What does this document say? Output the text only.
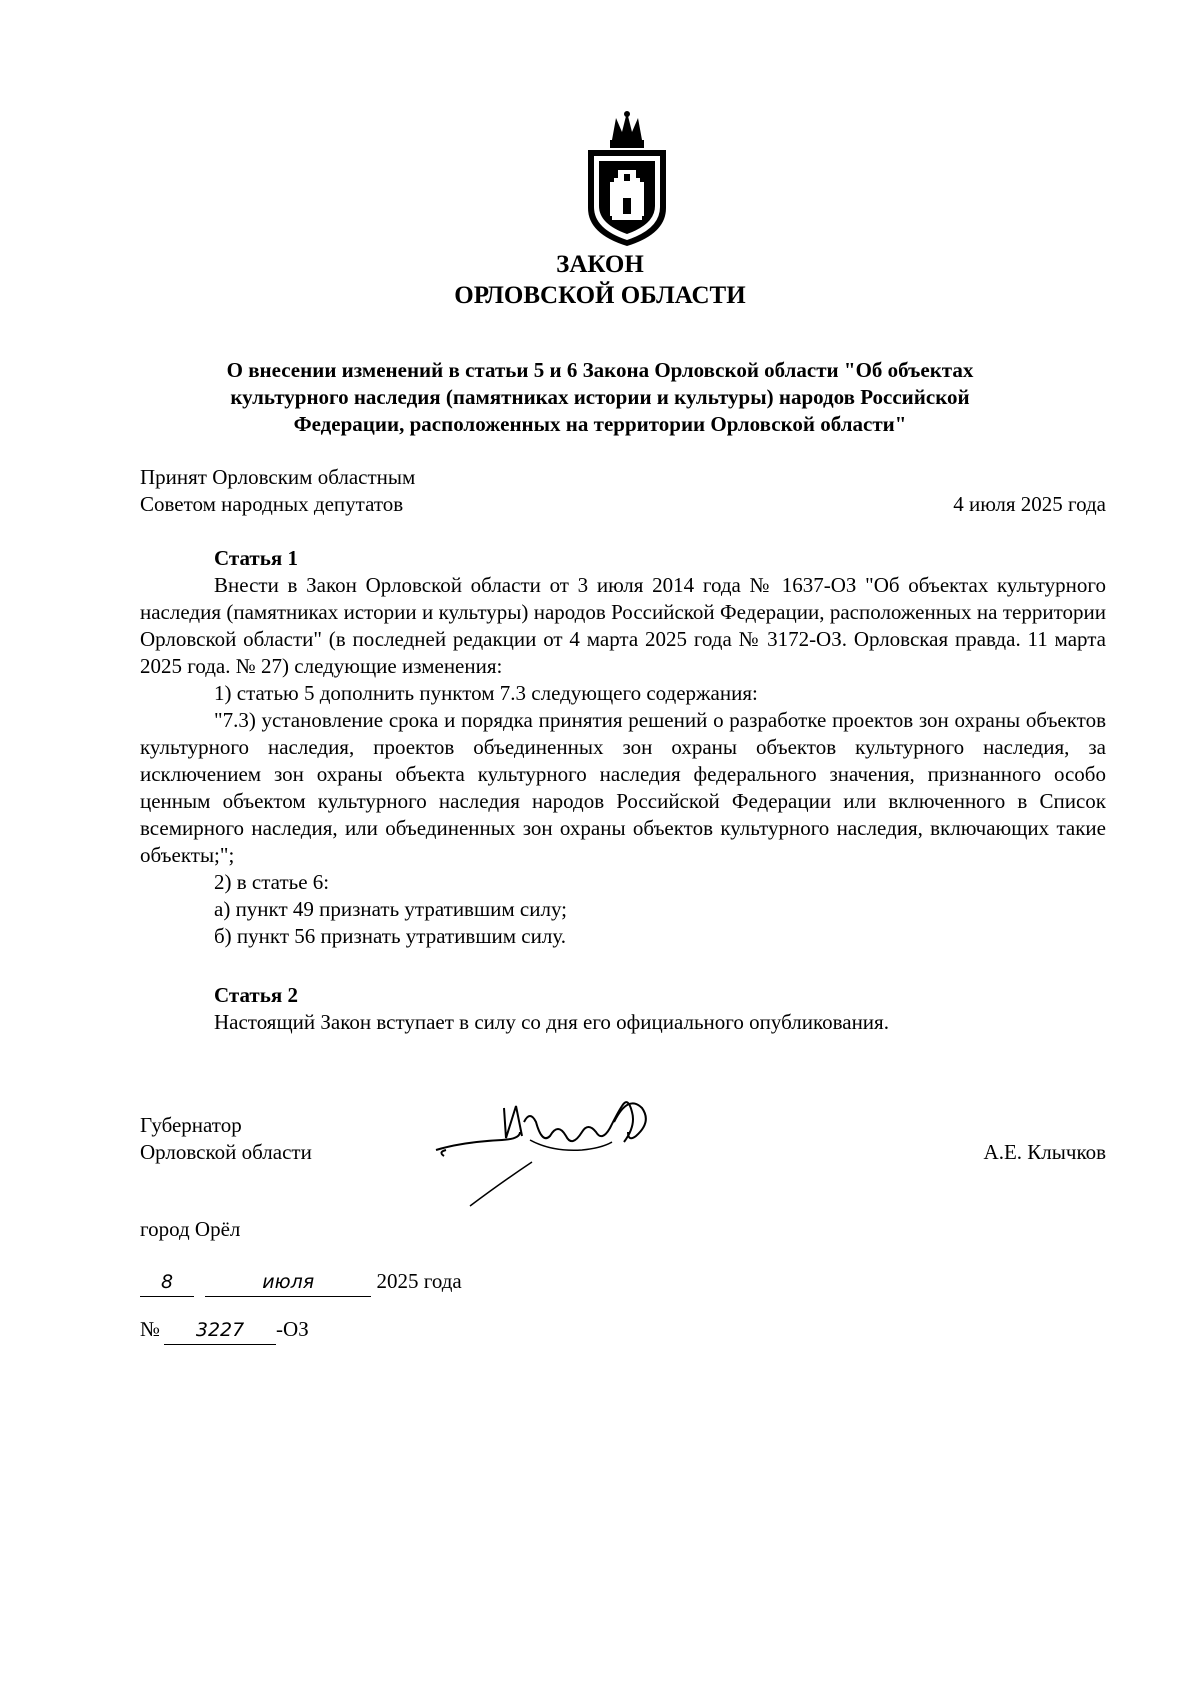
ЗАКОН
ОРЛОВСКОЙ ОБЛАСТИ
О внесении изменений в статьи 5 и 6 Закона Орловской области "Об объектах
культурного наследия (памятниках истории и культуры) народов Российской
Федерации, расположенных на территории Орловской области"
Принят Орловским областным
Советом народных депутатов	4 июля 2025 года

Статья 1

Внести в Закон Орловской области от 3 июля 2014 года № 1637-ОЗ "Об объектах культурного наследия (памятниках истории и культуры) народов Российской Федерации, расположенных на территории Орловской области" (в последней редакции от 4 марта 2025 года № 3172-ОЗ. Орловская правда. 11 марта 2025 года. № 27) следующие изменения:

1) статью 5 дополнить пунктом 7.3 следующего содержания:

"7.3) установление срока и порядка принятия решений о разработке проектов зон охраны объектов культурного наследия, проектов объединенных зон охраны объектов культурного наследия, за исключением зон охраны объекта культурного наследия федерального значения, признанного особо ценным объектом культурного наследия народов Российской Федерации или включенного в Список всемирного наследия, или объединенных зон охраны объектов культурного наследия, включающих такие объекты;";

2) в статье 6:

а) пункт 49 признать утратившим силу;

б) пункт 56 признать утратившим силу.

Статья 2

Настоящий Закон вступает в силу со дня его официального опубликования.

Губернатор
Орловской области	А.Е. Клычков
город Орёл
8	июля	2025 года
№ 3227 -ОЗ
